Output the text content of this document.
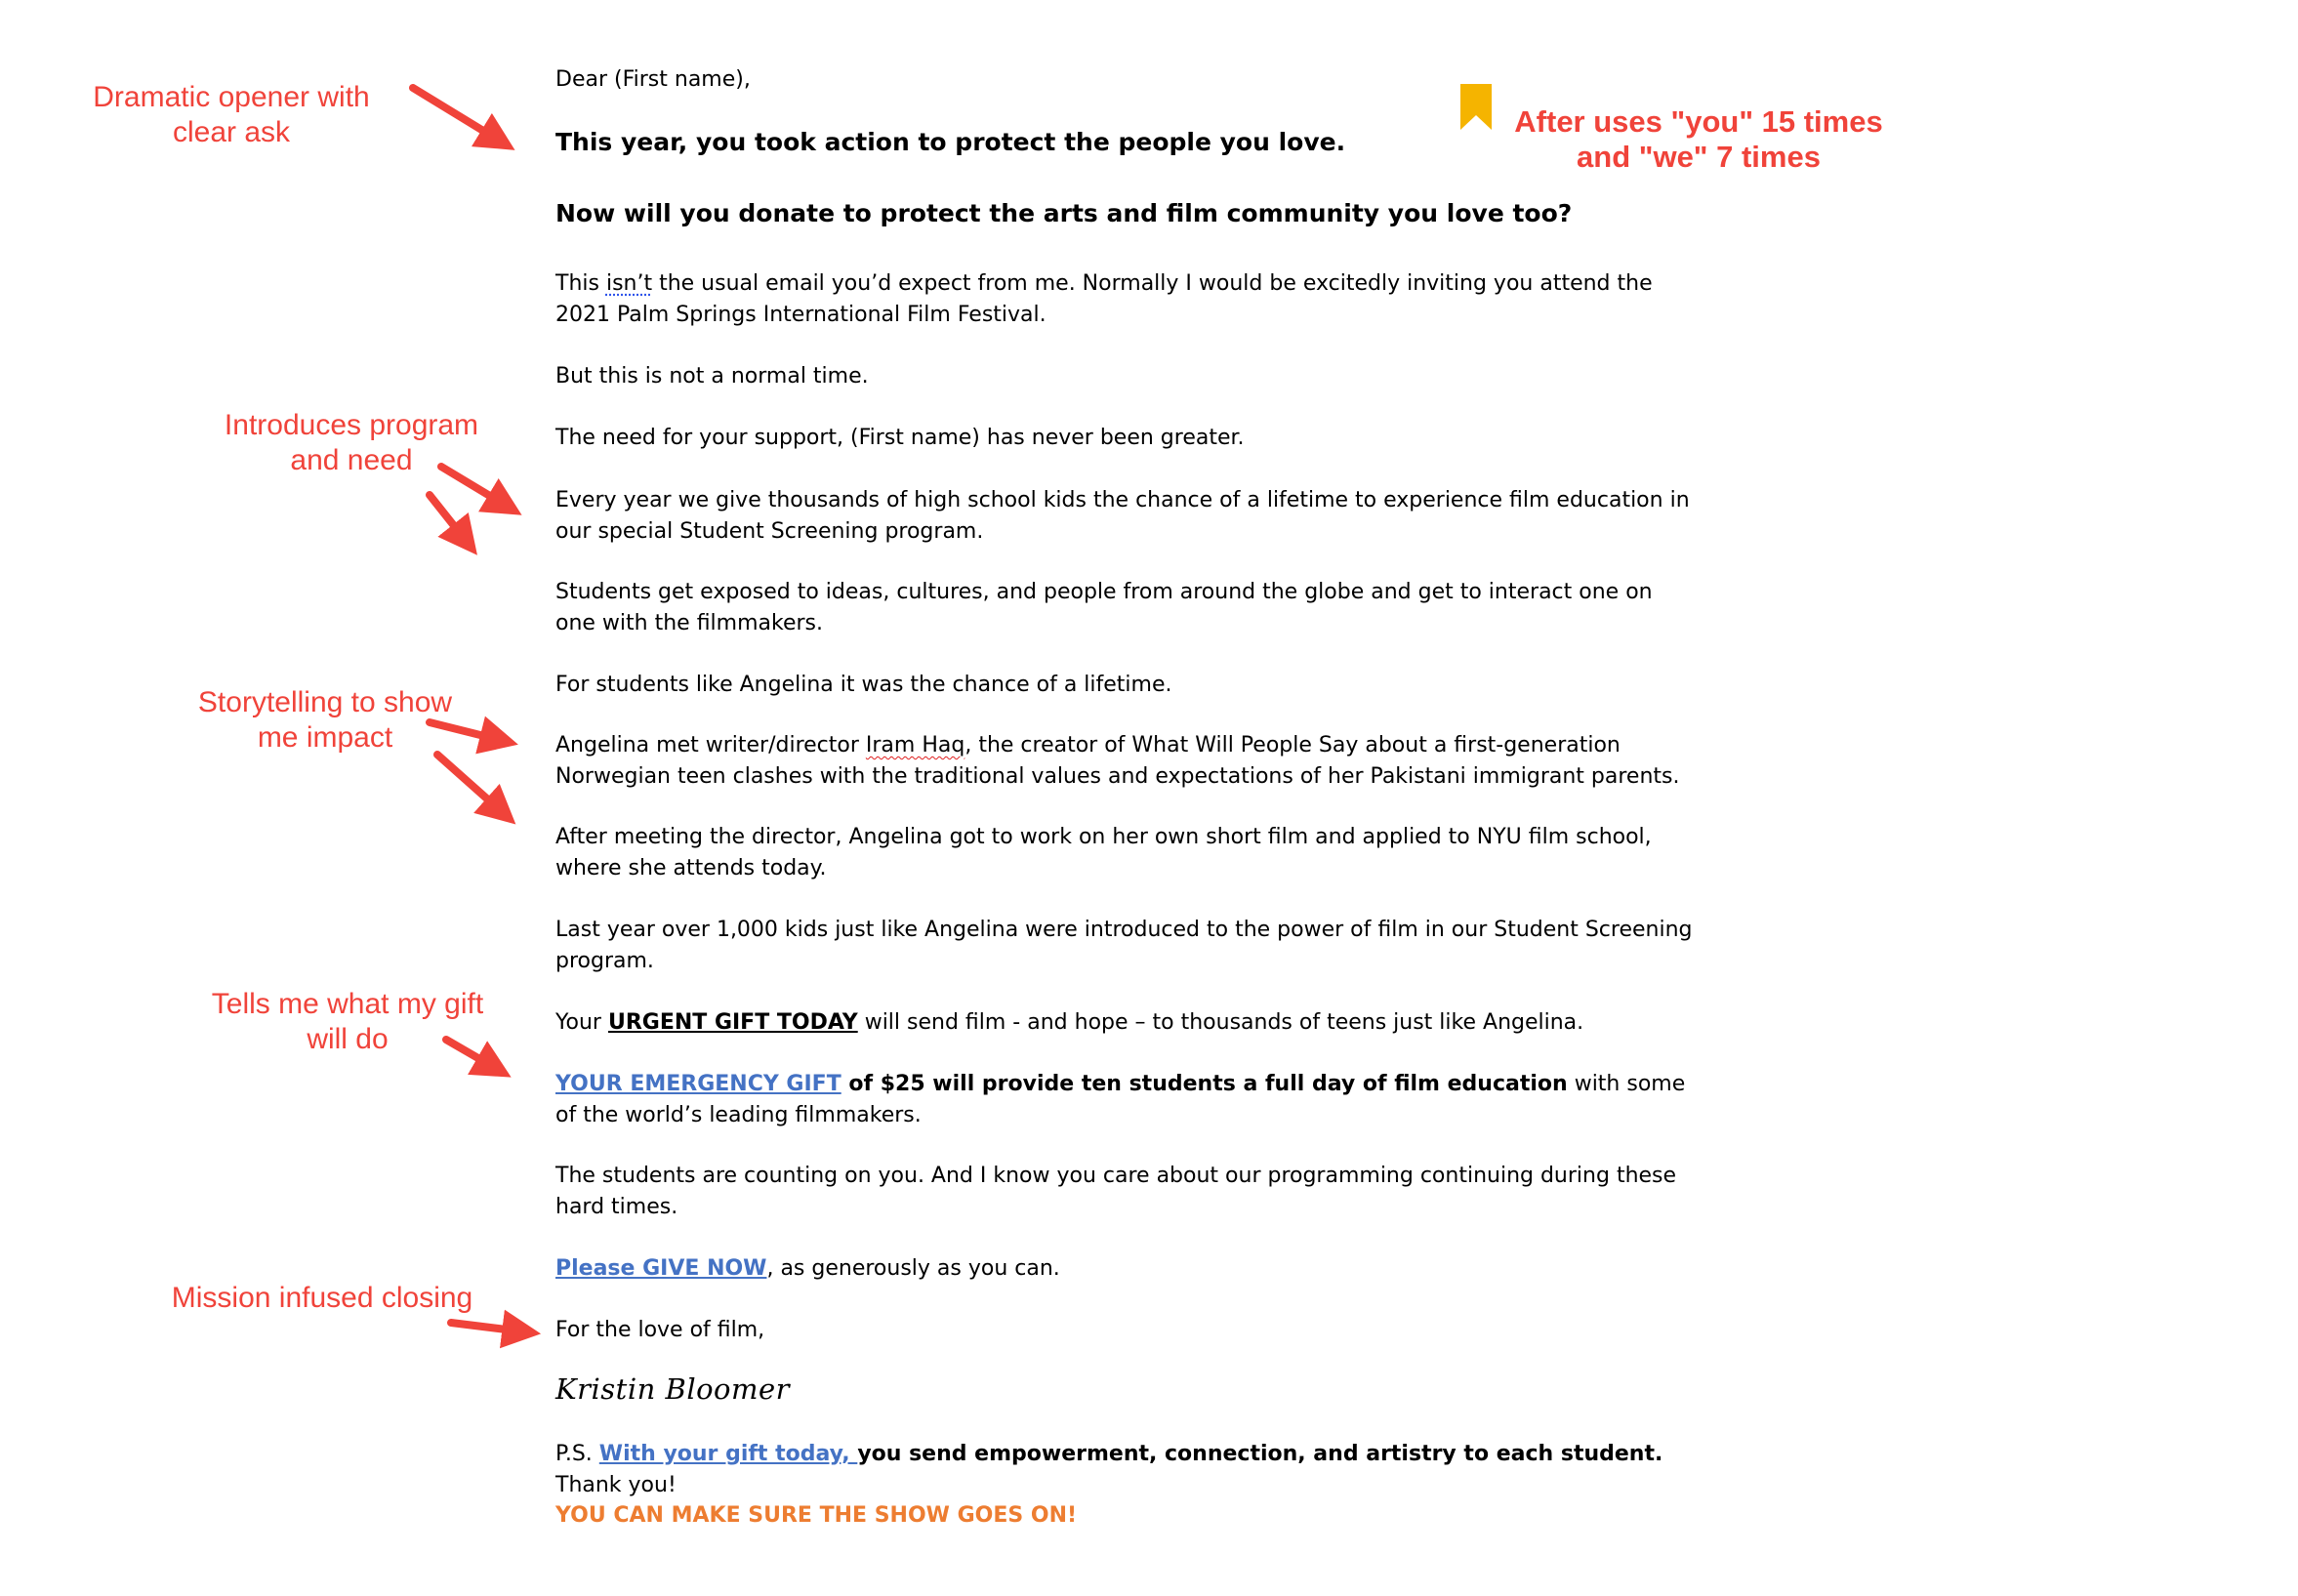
Dear (First name),
This year, you took action to protect the people you love.
Now will you donate to protect the arts and film community you love too?
This isn’t the usual email you’d expect from me. Normally I would be excitedly inviting you attend the 2021 Palm Springs International Film Festival.
But this is not a normal time.
The need for your support, (First name) has never been greater.
Every year we give thousands of high school kids the chance of a lifetime to experience film education in our special Student Screening program.
Students get exposed to ideas, cultures, and people from around the globe and get to interact one on one with the filmmakers.
For students like Angelina it was the chance of a lifetime.
Angelina met writer/director Iram Haq, the creator of What Will People Say about a first-generation Norwegian teen clashes with the traditional values and expectations of her Pakistani immigrant parents.
After meeting the director, Angelina got to work on her own short film and applied to NYU film school, where she attends today.
Last year over 1,000 kids just like Angelina were introduced to the power of film in our Student Screening program.
Your URGENT GIFT TODAY will send film - and hope – to thousands of teens just like Angelina.
YOUR EMERGENCY GIFT of $25 will provide ten students a full day of film education with some of the world’s leading filmmakers.
The students are counting on you. And I know you care about our programming continuing during these hard times.
Please GIVE NOW, as generously as you can.
For the love of film,
Kristin Bloomer
P.S. With your gift today, you send empowerment, connection, and artistry to each student. Thank you!
YOU CAN MAKE SURE THE SHOW GOES ON!
Dramatic opener with
clear ask
Introduces program
and need
Storytelling to show
me impact
Tells me what my gift
will do
Mission infused closing
After uses "you" 15 times
and "we" 7 times
